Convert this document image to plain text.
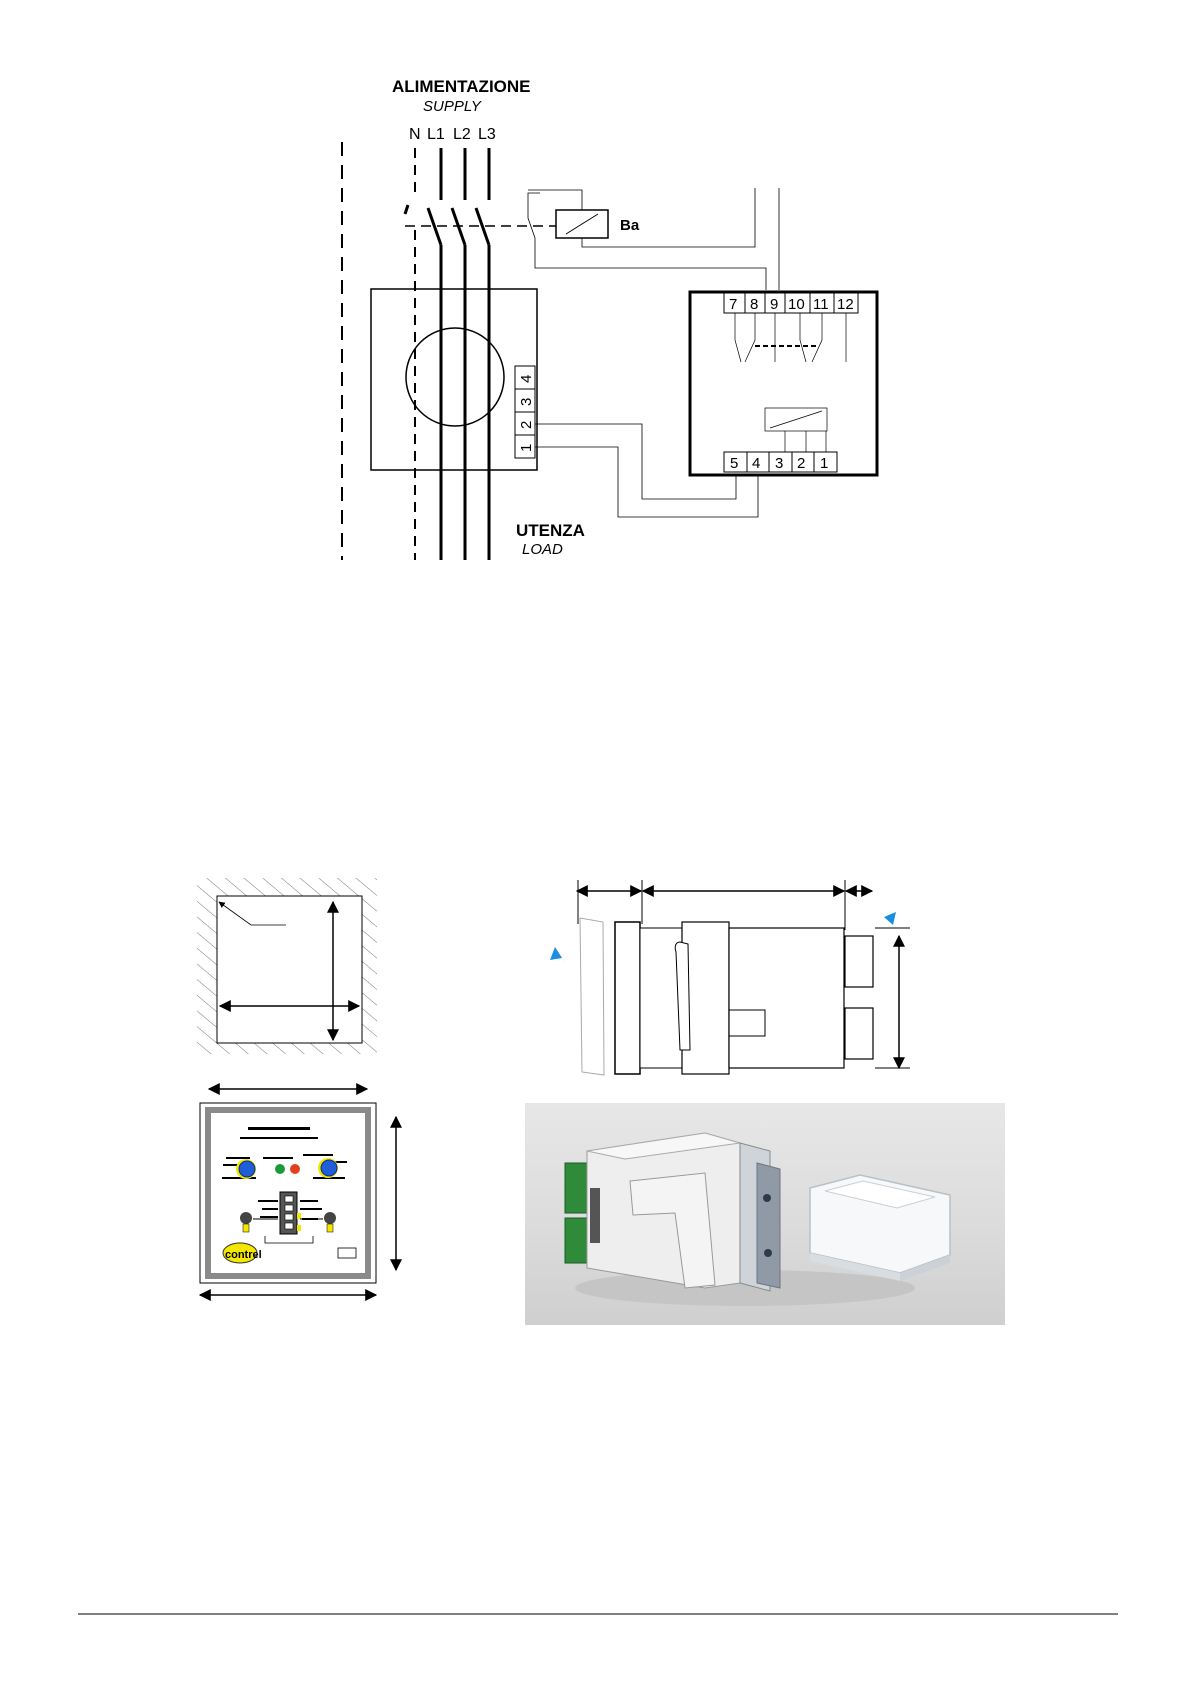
ALIMENTAZIONE
SUPPLY
N L1 L2 L3
Ba
1
2
3
4
7 8 9 10 11 12
5 4 3 2 1
UTENZA
LOAD
contrel
